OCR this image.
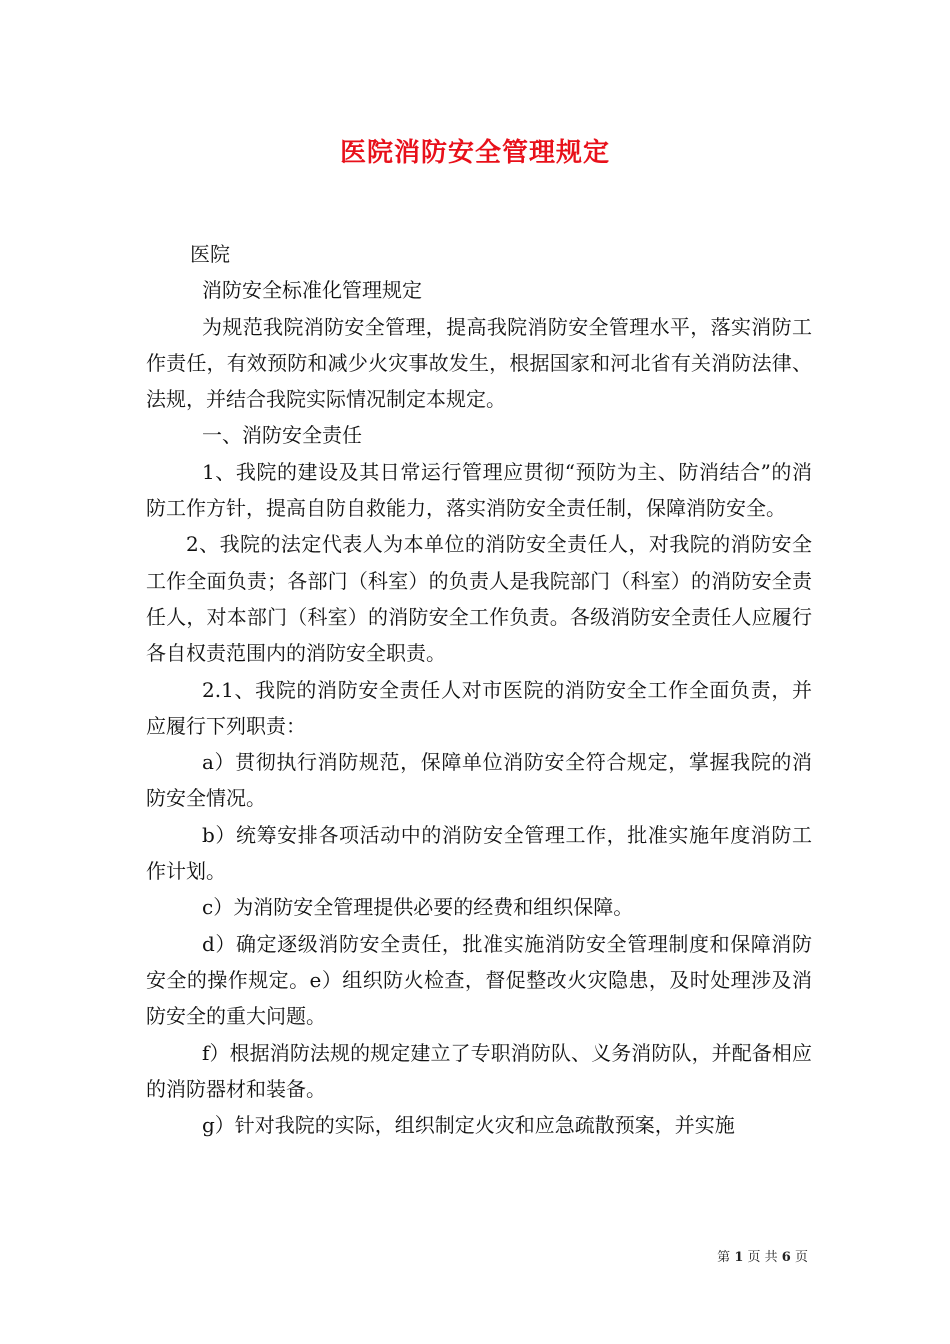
医院消防安全管理规定

医院

消防安全标准化管理规定

为规范我院消防安全管理，提高我院消防安全管理水平，落实消防工作责任，有效预防和减少火灾事故发生，根据国家和河北省有关消防法律、法规，并结合我院实际情况制定本规定。

一、消防安全责任

1、我院的建设及其日常运行管理应贯彻“预防为主、防消结合”的消防工作方针，提高自防自救能力，落实消防安全责任制，保障消防安全。

2、我院的法定代表人为本单位的消防安全责任人，对我院的消防安全工作全面负责；各部门（科室）的负责人是我院部门（科室）的消防安全责任人，对本部门（科室）的消防安全工作负责。各级消防安全责任人应履行各自权责范围内的消防安全职责。

2.1、我院的消防安全责任人对市医院的消防安全工作全面负责，并应履行下列职责：

a）贯彻执行消防规范，保障单位消防安全符合规定，掌握我院的消防安全情况。

b）统筹安排各项活动中的消防安全管理工作，批准实施年度消防工作计划。

c）为消防安全管理提供必要的经费和组织保障。

d）确定逐级消防安全责任，批准实施消防安全管理制度和保障消防安全的操作规定。e）组织防火检查，督促整改火灾隐患，及时处理涉及消防安全的重大问题。

f）根据消防法规的规定建立了专职消防队、义务消防队，并配备相应的消防器材和装备。

g）针对我院的实际，组织制定火灾和应急疏散预案，并实施

第 1 页 共 6 页
